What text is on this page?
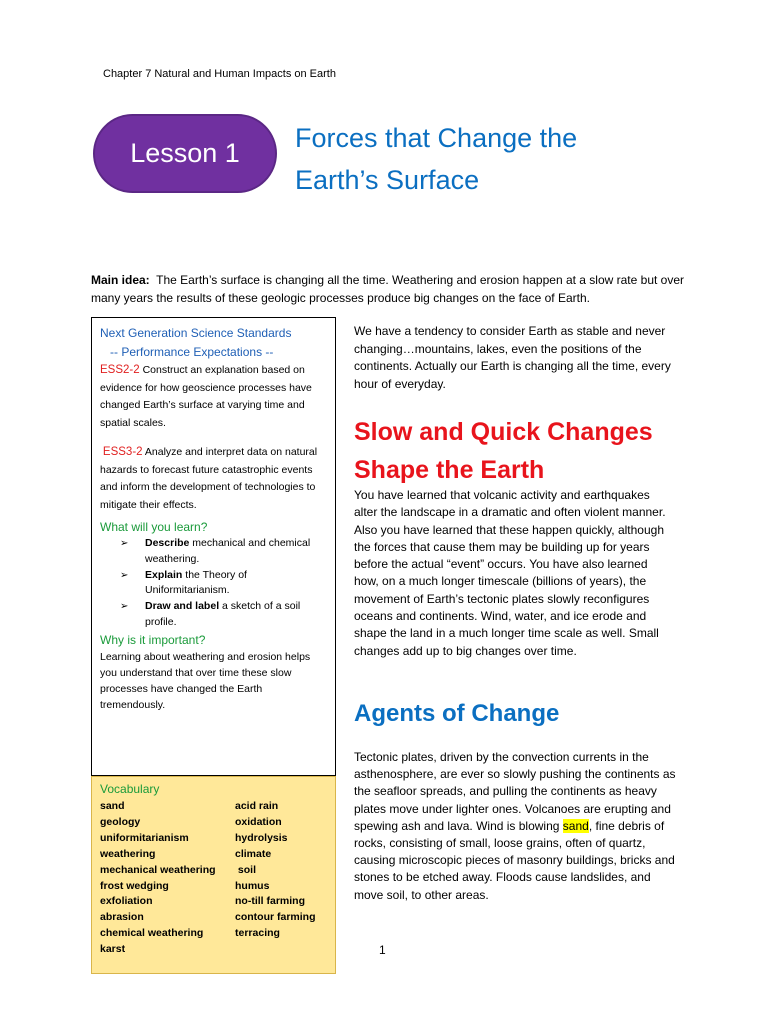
Chapter 7 Natural and Human Impacts on Earth
Lesson 1 Forces that Change the
Earth’s Surface

Main idea: The Earth’s surface is changing all the time. Weathering and erosion happen at a slow rate but over many years the results of these geologic processes produce big changes on the face of Earth.

Next Generation Science Standards
-- Performance Expectations --
ESS2-2 Construct an explanation based on evidence for how geoscience processes have changed Earth’s surface at varying time and spatial scales.
ESS3-2 Analyze and interpret data on natural hazards to forecast future catastrophic events and inform the development of technologies to mitigate their effects.
What will you learn?
➢ Describe mechanical and chemical weathering.
➢ Explain the Theory of Uniformitarianism.
➢ Draw and label a sketch of a soil profile.
Why is it important?
Learning about weathering and erosion helps you understand that over time these slow processes have changed the Earth tremendously.
Vocabulary
sand
geology
uniformitarianism
weathering
mechanical weathering
frost wedging
exfoliation
abrasion
chemical weathering
karst
acid rain
oxidation
hydrolysis
climate
soil
humus
no-till farming
contour farming
terracing

We have a tendency to consider Earth as stable and never changing…mountains, lakes, even the positions of the continents. Actually our Earth is changing all the time, every hour of everyday.

Slow and Quick Changes Shape the Earth

You have learned that volcanic activity and earthquakes alter the landscape in a dramatic and often violent manner. Also you have learned that these happen quickly, although the forces that cause them may be building up for years before the actual “event” occurs. You have also learned how, on a much longer timescale (billions of years), the movement of Earth’s tectonic plates slowly reconfigures oceans and continents. Wind, water, and ice erode and shape the land in a much longer time scale as well. Small changes add up to big changes over time.

Agents of Change

Tectonic plates, driven by the convection currents in the asthenosphere, are ever so slowly pushing the continents as the seafloor spreads, and pulling the continents as heavy plates move under lighter ones. Volcanoes are erupting and spewing ash and lava. Wind is blowing sand, fine debris of rocks, consisting of small, loose grains, often of quartz, causing microscopic pieces of masonry buildings, bricks and stones to be etched away. Floods cause landslides, and move soil, to other areas.

1
